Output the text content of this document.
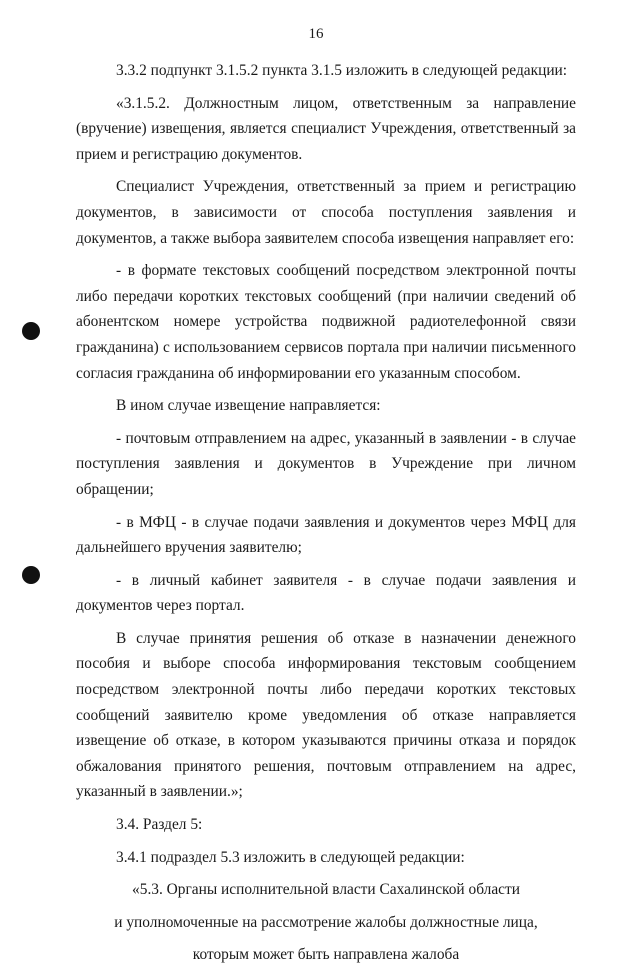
16

3.3.2 подпункт 3.1.5.2 пункта 3.1.5 изложить в следующей редакции:

«3.1.5.2. Должностным лицом, ответственным за направление (вручение) извещения, является специалист Учреждения, ответственный за прием и регистрацию документов.

Специалист Учреждения, ответственный за прием и регистрацию документов, в зависимости от способа поступления заявления и документов, а также выбора заявителем способа извещения направляет его:

- в формате текстовых сообщений посредством электронной почты либо передачи коротких текстовых сообщений (при наличии сведений об абонентском номере устройства подвижной радиотелефонной связи гражданина) с использованием сервисов портала при наличии письменного согласия гражданина об информировании его указанным способом.

В ином случае извещение направляется:

- почтовым отправлением на адрес, указанный в заявлении - в случае поступления заявления и документов в Учреждение при личном обращении;

- в МФЦ - в случае подачи заявления и документов через МФЦ для дальнейшего вручения заявителю;

- в личный кабинет заявителя - в случае подачи заявления и документов через портал.

В случае принятия решения об отказе в назначении денежного пособия и выборе способа информирования текстовым сообщением посредством электронной почты либо передачи коротких текстовых сообщений заявителю кроме уведомления об отказе направляется извещение об отказе, в котором указываются причины отказа и порядок обжалования принятого решения, почтовым отправлением на адрес, указанный в заявлении.»;

3.4. Раздел 5:

3.4.1 подраздел 5.3 изложить в следующей редакции:

«5.3. Органы исполнительной власти Сахалинской области

и уполномоченные на рассмотрение жалобы должностные лица,

которым может быть направлена жалоба
